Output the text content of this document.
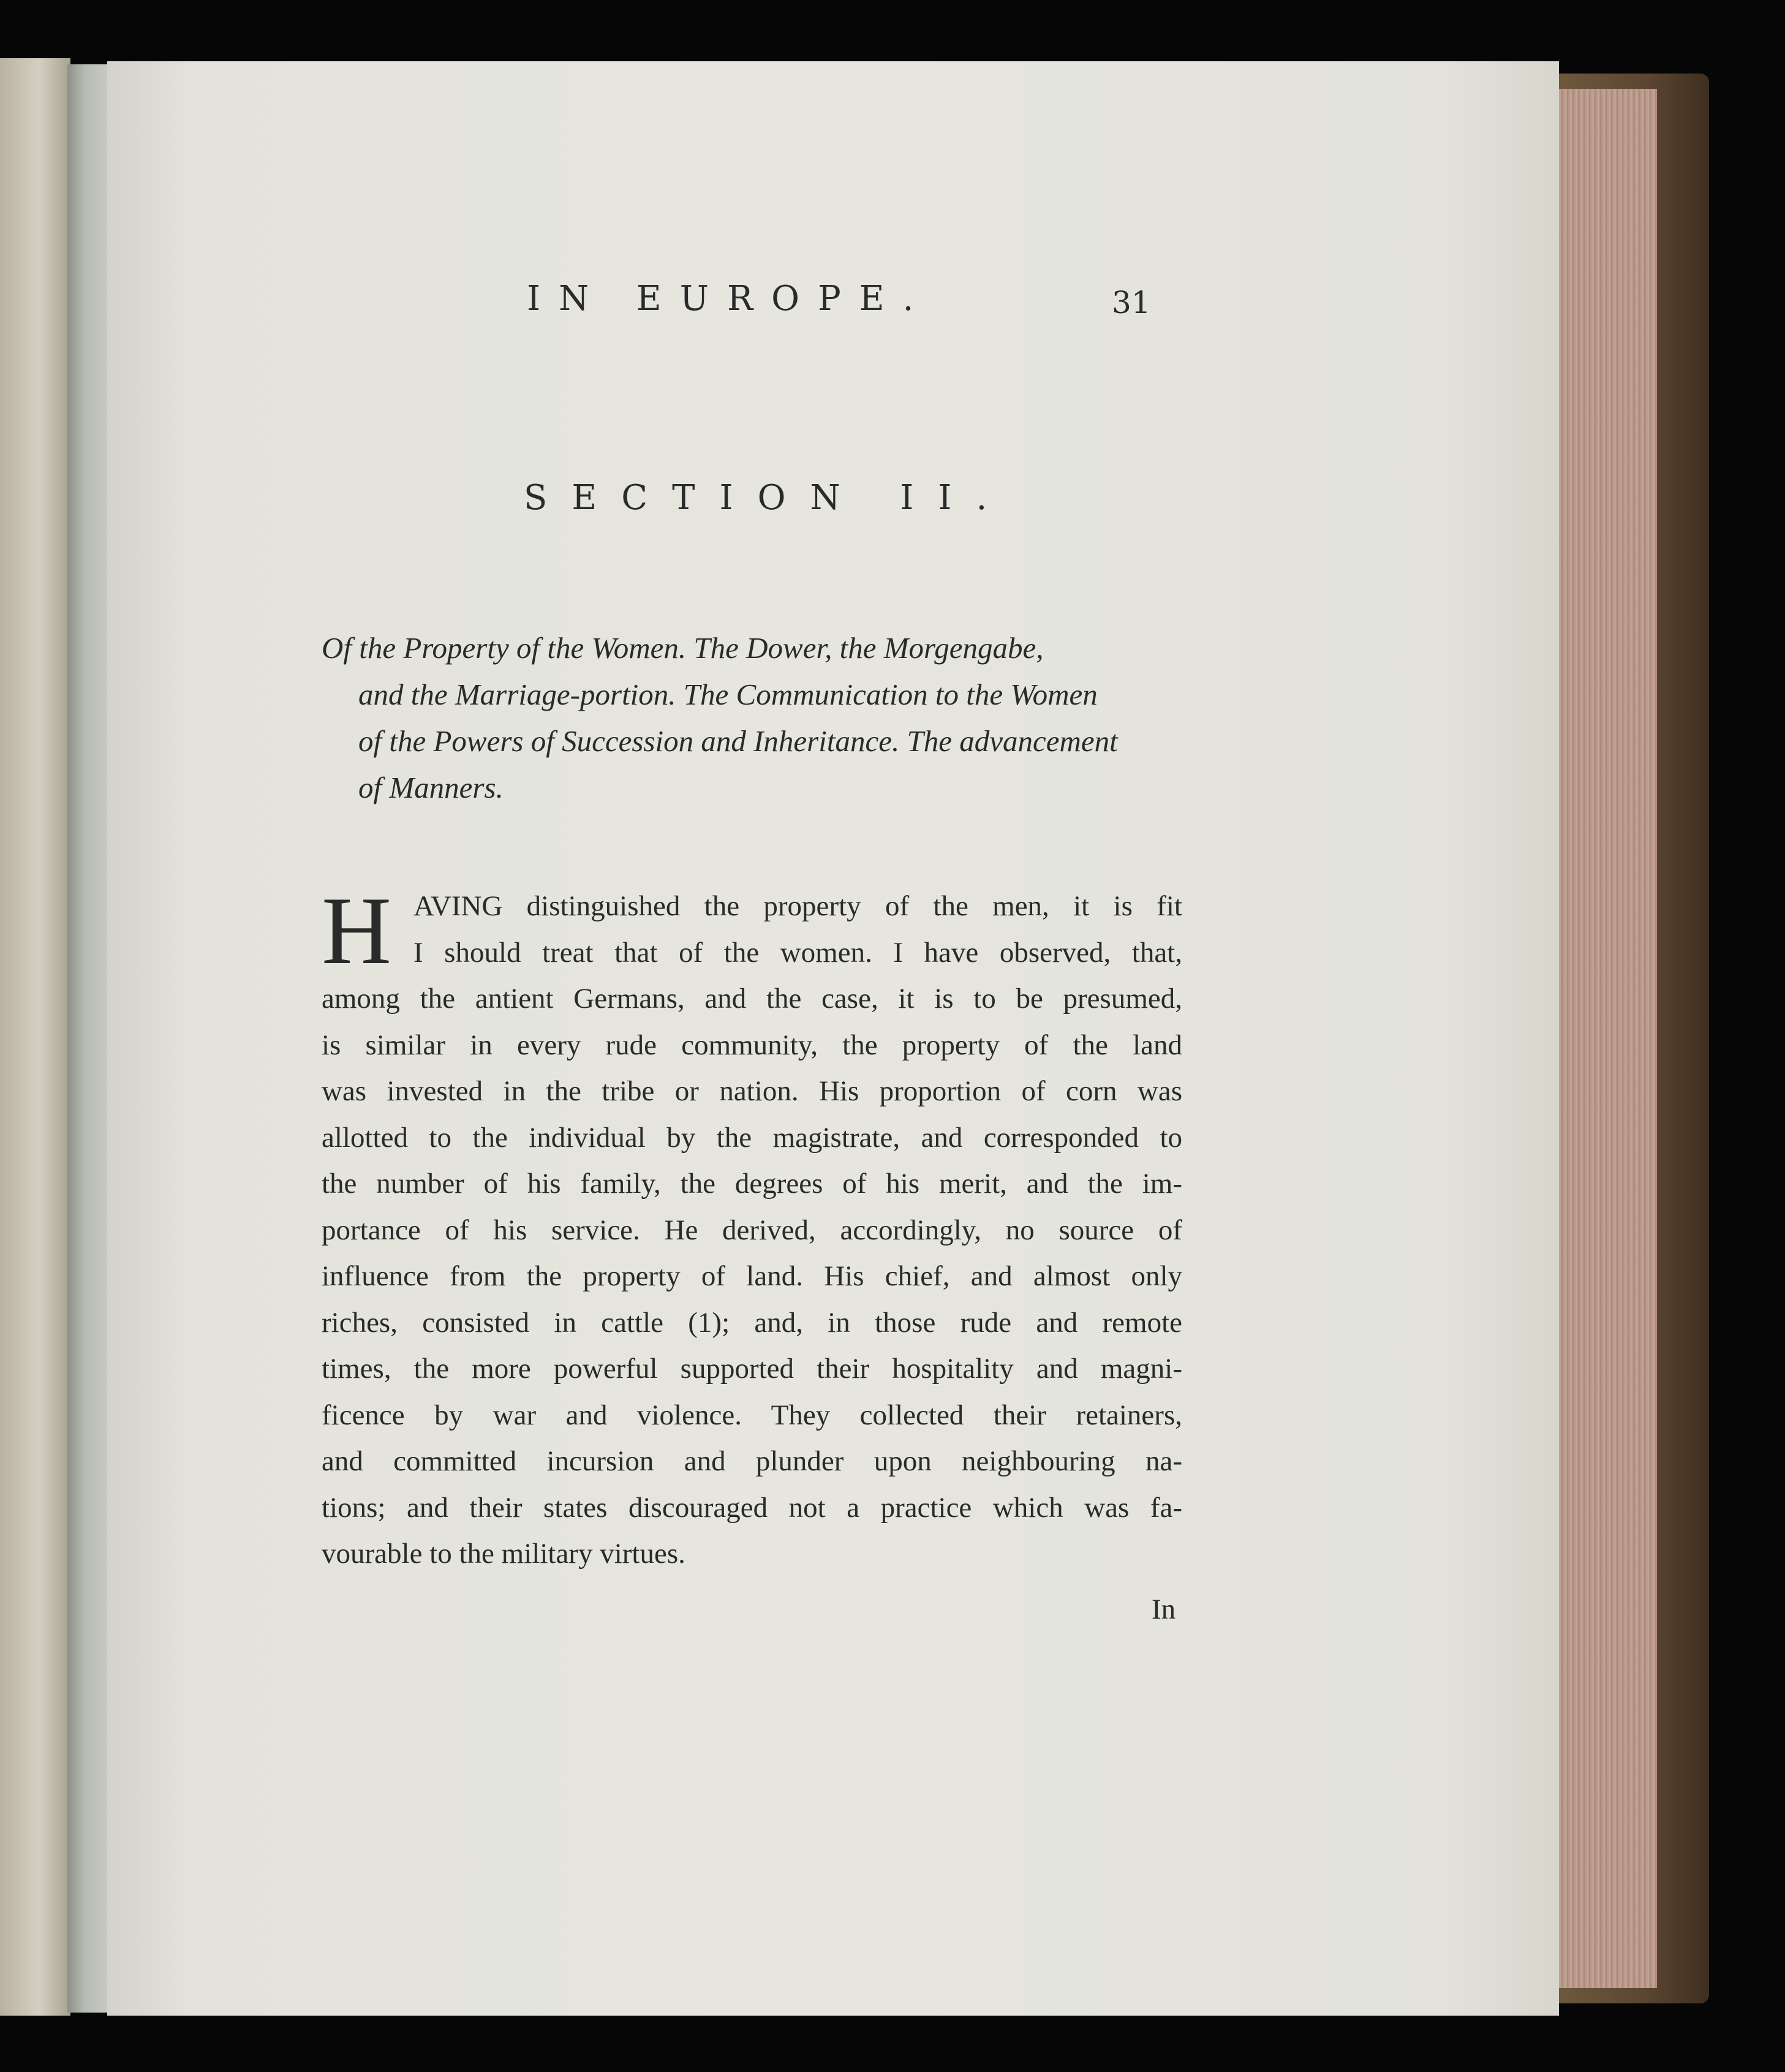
IN EUROPE.	31
SECTION II.
Of the Property of the Women. The Dower, the Morgengabe,
and the Marriage-portion. The Communication to the Women
of the Powers of Succession and Inheritance. The advancement
of Manners.
H AVING distinguished the property of the men, it is fit
I should treat that of the women. I have observed, that,
among the antient Germans, and the case, it is to be presumed,
is similar in every rude community, the property of the land
was invested in the tribe or nation. His proportion of corn was
allotted to the individual by the magistrate, and corresponded to
the number of his family, the degrees of his merit, and the im-
portance of his service. He derived, accordingly, no source of
influence from the property of land. His chief, and almost only
riches, consisted in cattle (1); and, in those rude and remote
times, the more powerful supported their hospitality and magni-
ficence by war and violence. They collected their retainers,
and committed incursion and plunder upon neighbouring na-
tions; and their states discouraged not a practice which was fa-
vourable to the military virtues.
In
